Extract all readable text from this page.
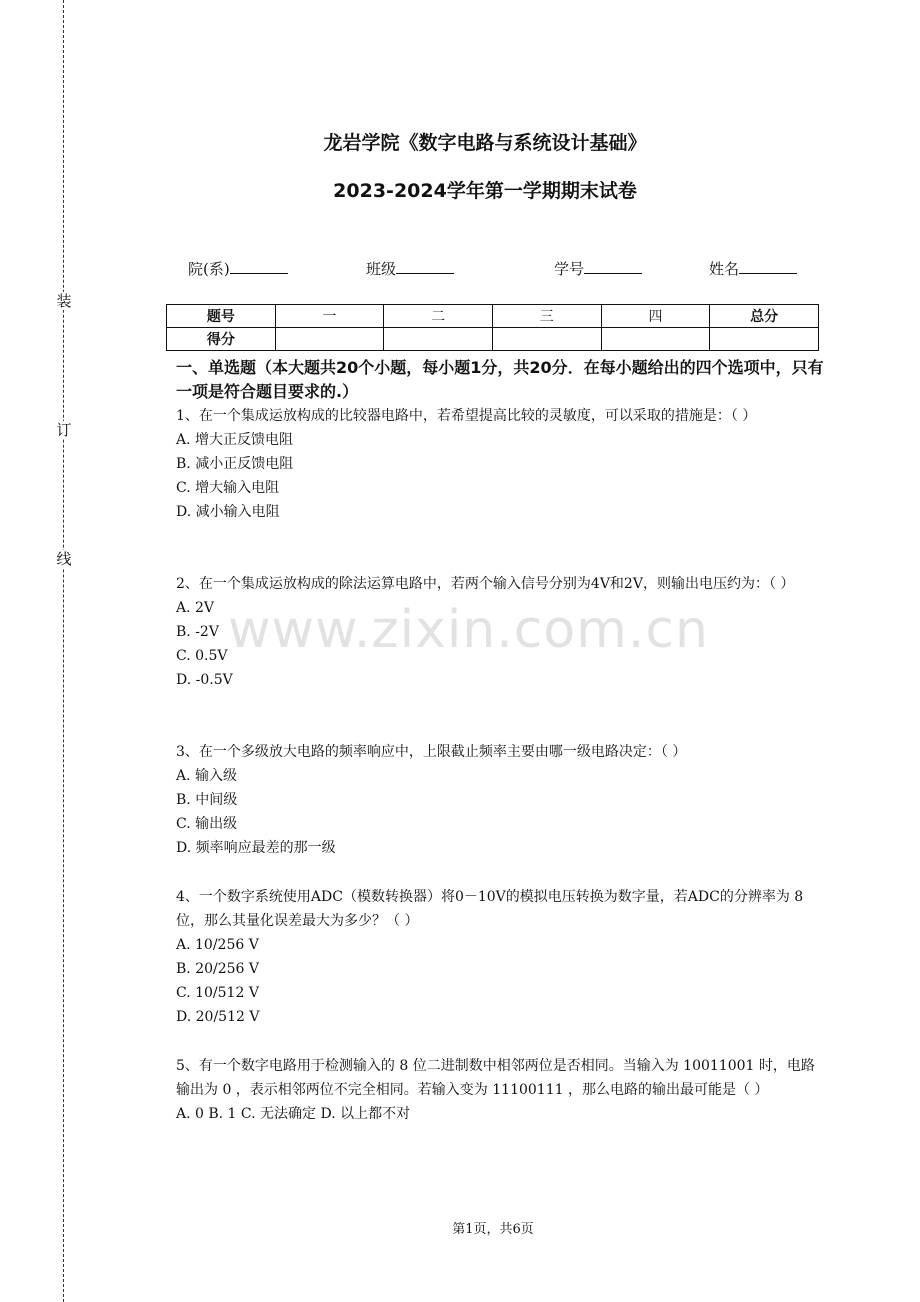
装
订
线
龙岩学院《数字电路与系统设计基础》
2023-2024学年第一学期期末试卷
院(系)	班级	学号	姓名
题号	一	二	三	四	总分
得分					
一、单选题（本大题共20个小题，每小题1分，共20分．在每小题给出的四个选项中，只有一项是符合题目要求的.）
1、在一个集成运放构成的比较器电路中，若希望提高比较的灵敏度，可以采取的措施是：（ ）
A. 增大正反馈电阻
B. 减小正反馈电阻
C. 增大输入电阻
D. 减小输入电阻
2、在一个集成运放构成的除法运算电路中，若两个输入信号分别为4V和2V，则输出电压约为：（ ）
A. 2V
B. -2V
C. 0.5V
D. -0.5V
3、在一个多级放大电路的频率响应中，上限截止频率主要由哪一级电路决定：（ ）
A. 输入级
B. 中间级
C. 输出级
D. 频率响应最差的那一级
4、一个数字系统使用ADC（模数转换器）将0－10V的模拟电压转换为数字量，若ADC的分辨率为 8 位，那么其量化误差最大为多少？（ ）
A. 10/256 V
B. 20/256 V
C. 10/512 V
D. 20/512 V
5、有一个数字电路用于检测输入的 8 位二进制数中相邻两位是否相同。当输入为 10011001 时，电路输出为 0 ，表示相邻两位不完全相同。若输入变为 11100111 ，那么电路的输出最可能是（ ）
A. 0 B. 1 C. 无法确定 D. 以上都不对
www.zixin.com.cn
第1页，共6页
